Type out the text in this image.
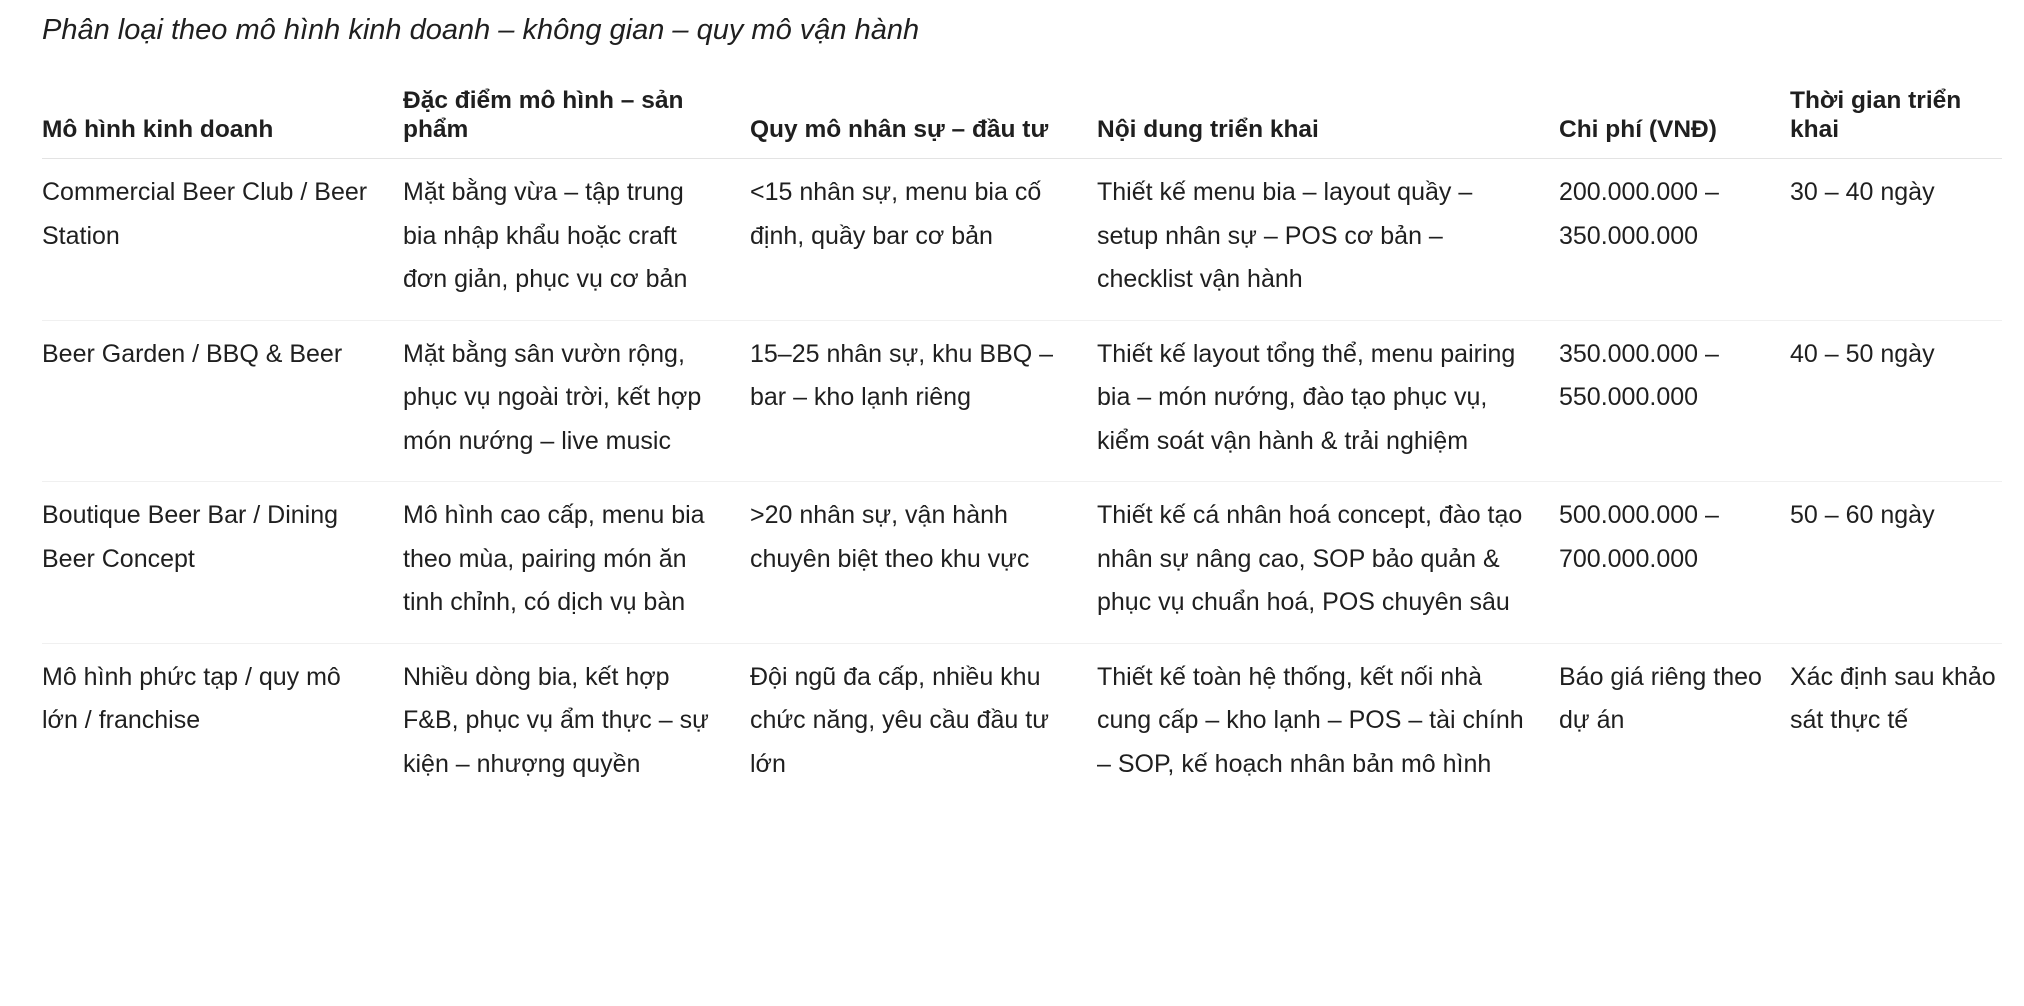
Phân loại theo mô hình kinh doanh – không gian – quy mô vận hành
Mô hình kinh doanh	Đặc điểm mô hình – sản phẩm	Quy mô nhân sự – đầu tư	Nội dung triển khai	Chi phí (VNĐ)	Thời gian triển khai
Commercial Beer Club / Beer Station	Mặt bằng vừa – tập trung bia nhập khẩu hoặc craft đơn giản, phục vụ cơ bản	<15 nhân sự, menu bia cố định, quầy bar cơ bản	Thiết kế menu bia – layout quầy – setup nhân sự – POS cơ bản – checklist vận hành	200.000.000 – 350.000.000	30 – 40 ngày
Beer Garden / BBQ & Beer	Mặt bằng sân vườn rộng, phục vụ ngoài trời, kết hợp món nướng – live music	15–25 nhân sự, khu BBQ – bar – kho lạnh riêng	Thiết kế layout tổng thể, menu pairing bia – món nướng, đào tạo phục vụ, kiểm soát vận hành & trải nghiệm	350.000.000 – 550.000.000	40 – 50 ngày
Boutique Beer Bar / Dining Beer Concept	Mô hình cao cấp, menu bia theo mùa, pairing món ăn tinh chỉnh, có dịch vụ bàn	>20 nhân sự, vận hành chuyên biệt theo khu vực	Thiết kế cá nhân hoá concept, đào tạo nhân sự nâng cao, SOP bảo quản & phục vụ chuẩn hoá, POS chuyên sâu	500.000.000 – 700.000.000	50 – 60 ngày
Mô hình phức tạp / quy mô lớn / franchise	Nhiều dòng bia, kết hợp F&B, phục vụ ẩm thực – sự kiện – nhượng quyền	Đội ngũ đa cấp, nhiều khu chức năng, yêu cầu đầu tư lớn	Thiết kế toàn hệ thống, kết nối nhà cung cấp – kho lạnh – POS – tài chính – SOP, kế hoạch nhân bản mô hình	Báo giá riêng theo dự án	Xác định sau khảo sát thực tế
